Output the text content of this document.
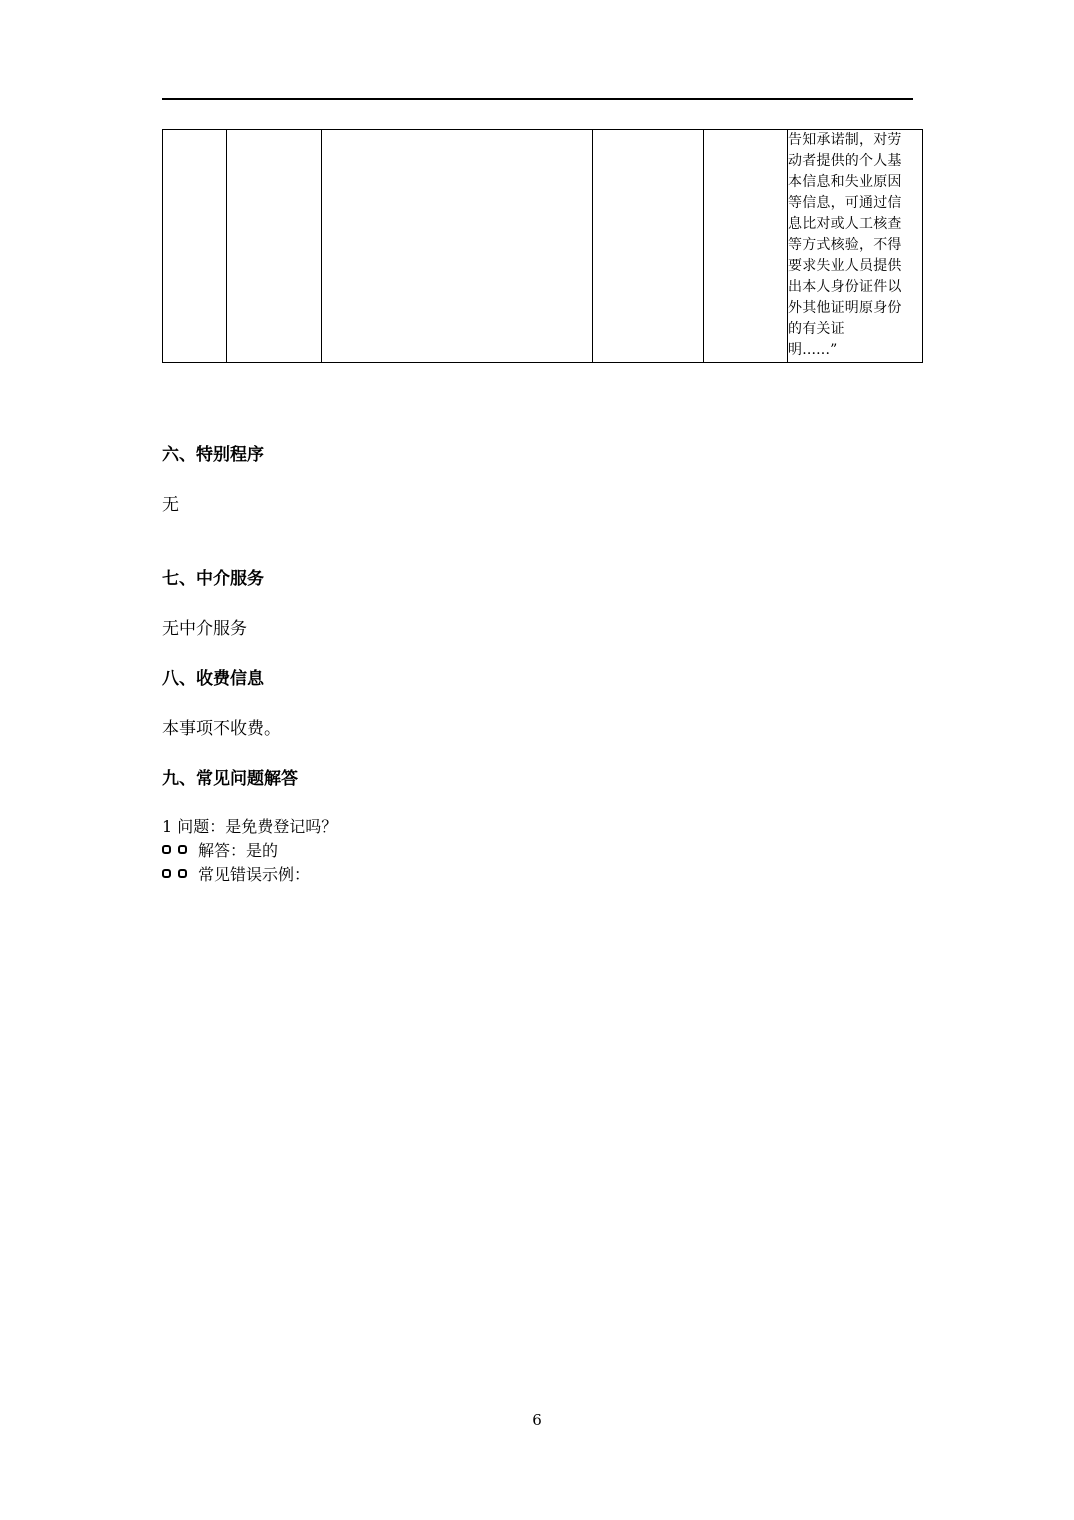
					告知承诺制，对劳
动者提供的个人基
本信息和失业原因
等信息，可通过信
息比对或人工核查
等方式核验，不得
要求失业人员提供
出本人身份证件以
外其他证明原身份
的有关证
明......”
六、特别程序
无
七、中介服务
无中介服务
八、收费信息
本事项不收费。
九、常见问题解答
1 问题：是免费登记吗？
解答：是的
常见错误示例：
6
